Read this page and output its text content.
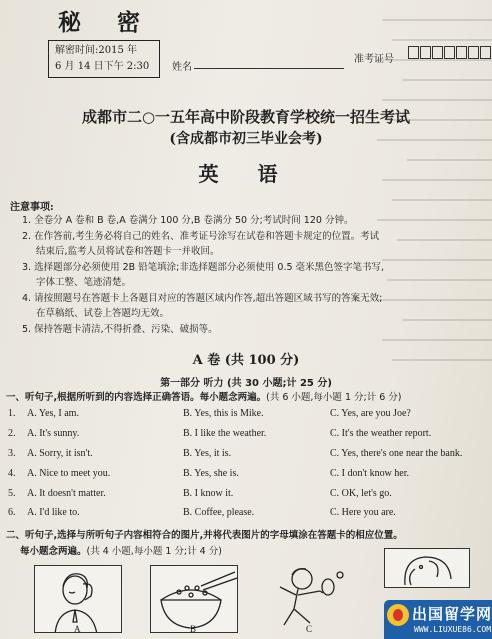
秘 密
解密时间:2015 年
6 月 14 日下午 2:30	姓名
准考证号
成都市二○一五年高中阶段教育学校统一招生考试
(含成都市初三毕业会考)
英 语
注意事项:
1. 全卷分 A 卷和 B 卷,A 卷满分 100 分,B 卷满分 50 分;考试时间 120 分钟。
2. 在作答前,考生务必将自己的姓名、准考证号涂写在试卷和答题卡规定的位置。考试
结束后,监考人员将试卷和答题卡一并收回。
3. 选择题部分必须使用 2B 铅笔填涂;非选择题部分必须使用 0.5 毫米黑色签字笔书写,
字体工整、笔迹清楚。
4. 请按照题号在答题卡上各题目对应的答题区域内作答,超出答题区域书写的答案无效;
在草稿纸、试卷上答题均无效。
5. 保持答题卡清洁,不得折叠、污染、破损等。
A 卷 (共 100 分)
第一部分 听力 (共 30 小题;计 25 分)
一、听句子,根据所听到的内容选择正确答语。每小题念两遍。(共 6 小题,每小题 1 分;计 6 分)
1. A. Yes, I am.	B. Yes, this is Mike.	C. Yes, are you Joe?
2. A. It's sunny.	B. I like the weather.	C. It's the weather report.
3. A. Sorry, it isn't.	B. Yes, it is.	C. Yes, there's one near the bank.
4. A. Nice to meet you.	B. Yes, she is.	C. I don't know her.
5. A. It doesn't matter.	B. I know it.	C. OK, let's go.
6. A. I'd like to.	B. Coffee, please.	C. Here you are.
二、听句子,选择与所听句子内容相符合的图片,并将代表图片的字母填涂在答题卡的相应位置。
每小题念两遍。(共 4 小题,每小题 1 分;计 4 分)
A	B	C
出国留学网
WWW.LIUXUE86.COM
